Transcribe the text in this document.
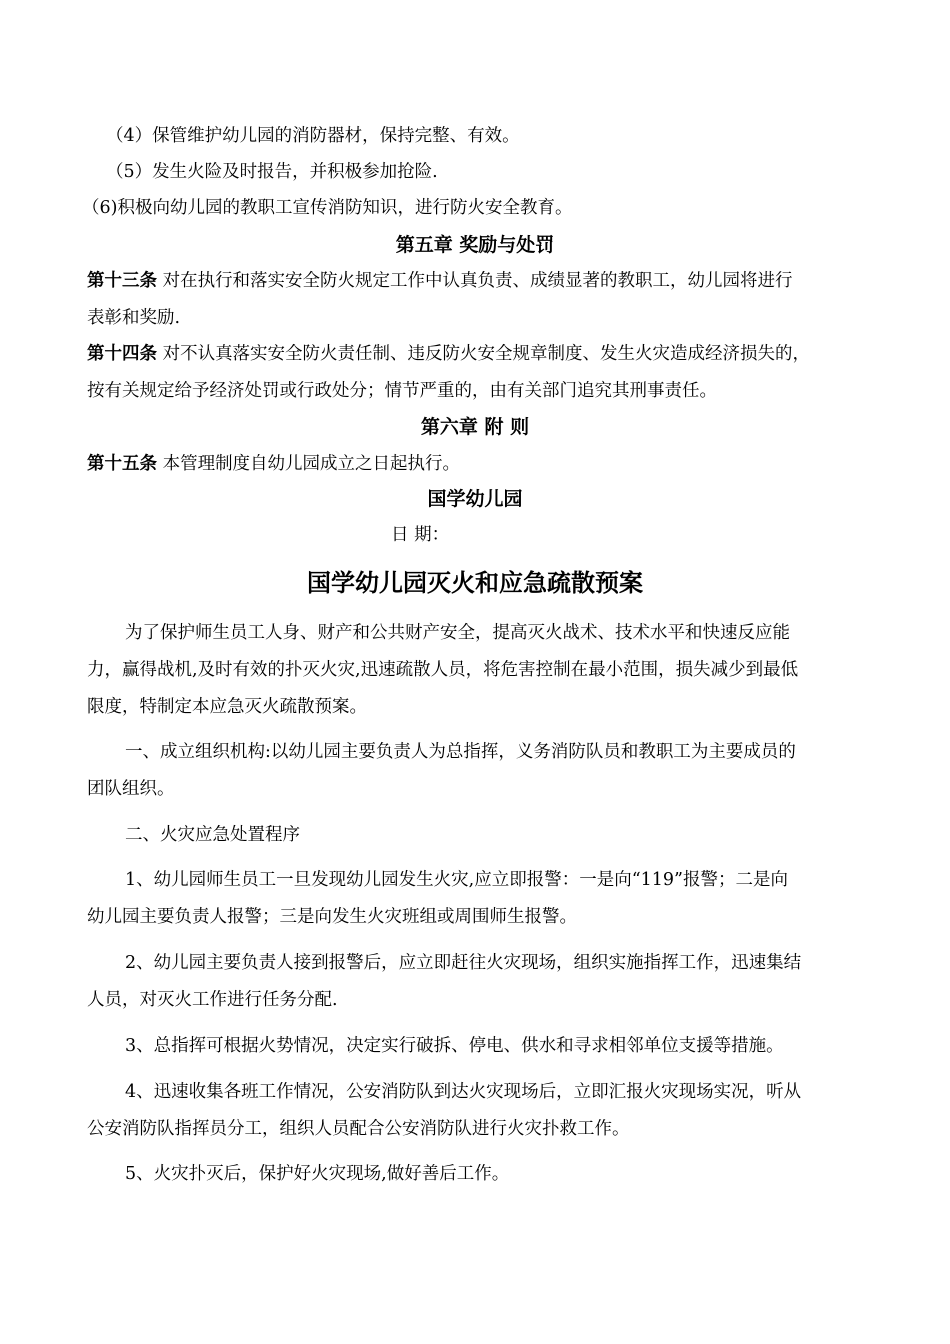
（4）保管维护幼儿园的消防器材，保持完整、有效。
（5）发生火险及时报告，并积极参加抢险.
（6)积极向幼儿园的教职工宣传消防知识，进行防火安全教育。
第五章 奖励与处罚
第十三条 对在执行和落实安全防火规定工作中认真负责、成绩显著的教职工，幼儿园将进行
表彰和奖励.
第十四条 对不认真落实安全防火责任制、违反防火安全规章制度、发生火灾造成经济损失的，
按有关规定给予经济处罚或行政处分；情节严重的，由有关部门追究其刑事责任。
第六章 附 则
第十五条 本管理制度自幼儿园成立之日起执行。
国学幼儿园
日 期：
国学幼儿园灭火和应急疏散预案
为了保护师生员工人身、财产和公共财产安全，提高灭火战术、技术水平和快速反应能
力，赢得战机,及时有效的扑灭火灾,迅速疏散人员，将危害控制在最小范围，损失减少到最低
限度，特制定本应急灭火疏散预案。
一、成立组织机构:以幼儿园主要负责人为总指挥，义务消防队员和教职工为主要成员的
团队组织。
二、火灾应急处置程序
1、幼儿园师生员工一旦发现幼儿园发生火灾,应立即报警：一是向“119”报警；二是向
幼儿园主要负责人报警；三是向发生火灾班组或周围师生报警。
2、幼儿园主要负责人接到报警后，应立即赶往火灾现场，组织实施指挥工作，迅速集结
人员，对灭火工作进行任务分配.
3、总指挥可根据火势情况，决定实行破拆、停电、供水和寻求相邻单位支援等措施。
4、迅速收集各班工作情况，公安消防队到达火灾现场后，立即汇报火灾现场实况，听从
公安消防队指挥员分工，组织人员配合公安消防队进行火灾扑救工作。
5、火灾扑灭后，保护好火灾现场,做好善后工作。
